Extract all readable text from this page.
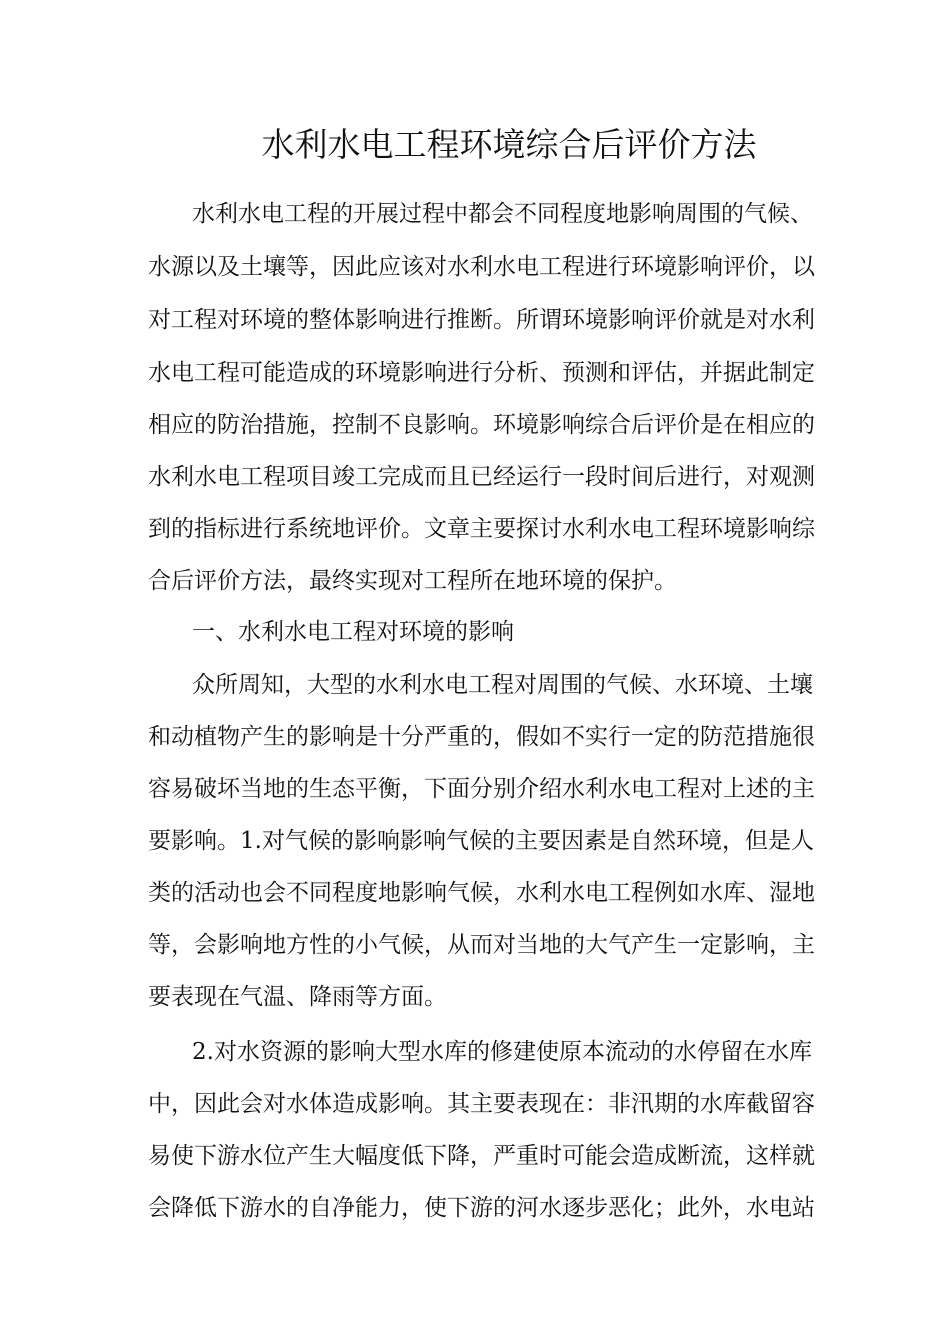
水利水电工程环境综合后评价方法
水利水电工程的开展过程中都会不同程度地影响周围的气候、
水源以及土壤等，因此应该对水利水电工程进行环境影响评价，以
对工程对环境的整体影响进行推断。所谓环境影响评价就是对水利
水电工程可能造成的环境影响进行分析、预测和评估，并据此制定
相应的防治措施，控制不良影响。环境影响综合后评价是在相应的
水利水电工程项目竣工完成而且已经运行一段时间后进行，对观测
到的指标进行系统地评价。文章主要探讨水利水电工程环境影响综
合后评价方法，最终实现对工程所在地环境的保护。
一、水利水电工程对环境的影响
众所周知，大型的水利水电工程对周围的气候、水环境、土壤
和动植物产生的影响是十分严重的，假如不实行一定的防范措施很
容易破坏当地的生态平衡，下面分别介绍水利水电工程对上述的主
要影响。1.对气候的影响影响气候的主要因素是自然环境，但是人
类的活动也会不同程度地影响气候，水利水电工程例如水库、湿地
等，会影响地方性的小气候，从而对当地的大气产生一定影响，主
要表现在气温、降雨等方面。
2.对水资源的影响大型水库的修建使原本流动的水停留在水库
中，因此会对水体造成影响。其主要表现在：非汛期的水库截留容
易使下游水位产生大幅度低下降，严重时可能会造成断流，这样就
会降低下游水的自净能力，使下游的河水逐步恶化；此外，水电站
